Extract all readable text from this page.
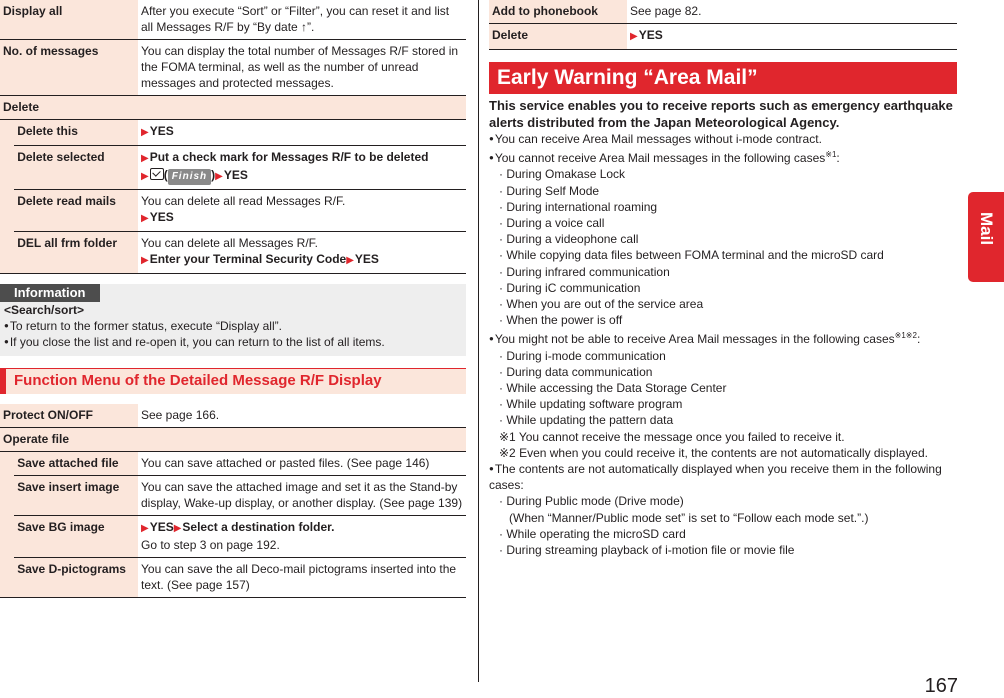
Display all		After you execute “Sort” or “Filter”, you can reset it and list all Messages R/F by “By date ↑”.
No. of messages		You can display the total number of Messages R/F stored in the FOMA terminal, as well as the number of unread messages and protected messages.
Delete		
	Delete this	▶YES
	Delete selected	▶Put a check mark for Messages R/F to be deleted
▶ ( Finish )▶YES
	Delete read mails	You can delete all read Messages R/F.
▶YES
	DEL all frm folder	You can delete all Messages R/F.
▶Enter your Terminal Security Code▶YES
Information

<Search/sort>

● To return to the former status, execute “Display all”.

● If you close the list and re-open it, you can return to the list of all items.

Function Menu of the Detailed Message R/F Display
Protect ON/OFF		See page 166.
Operate file		
	Save attached file	You can save attached or pasted files. (See page 146)
	Save insert image	You can save the attached image and set it as the Stand-by display, Wake-up display, or another display. (See page 139)
	Save BG image	▶YES▶Select a destination folder.
Go to step 3 on page 192.
	Save D-pictograms	You can save the all Deco-mail pictograms inserted into the text. (See page 157)
Add to phonebook	See page 82.
Delete	▶YES
Early Warning “Area Mail”
This service enables you to receive reports such as emergency earthquake alerts distributed from the Japan Meteorological Agency.

● You can receive Area Mail messages without i-mode contract.

● You cannot receive Area Mail messages in the following cases$^{※1}$:

· During Omakase Lock

· During Self Mode

· During international roaming

· During a voice call

· During a videophone call

· While copying data files between FOMA terminal and the microSD card

· During infrared communication

· During iC communication

· When you are out of the service area

· When the power is off

● You might not be able to receive Area Mail messages in the following cases$^{※1※2}$:

· During i-mode communication

· During data communication

· While accessing the Data Storage Center

· While updating software program

· While updating the pattern data

※1 You cannot receive the message once you failed to receive it.

※2 Even when you could receive it, the contents are not automatically displayed.

● The contents are not automatically displayed when you receive them in the following cases:

· During Public mode (Drive mode)

(When “Manner/Public mode set” is set to “Follow each mode set.”.)

· While operating the microSD card

· During streaming playback of i-motion file or movie file

Mail
167
